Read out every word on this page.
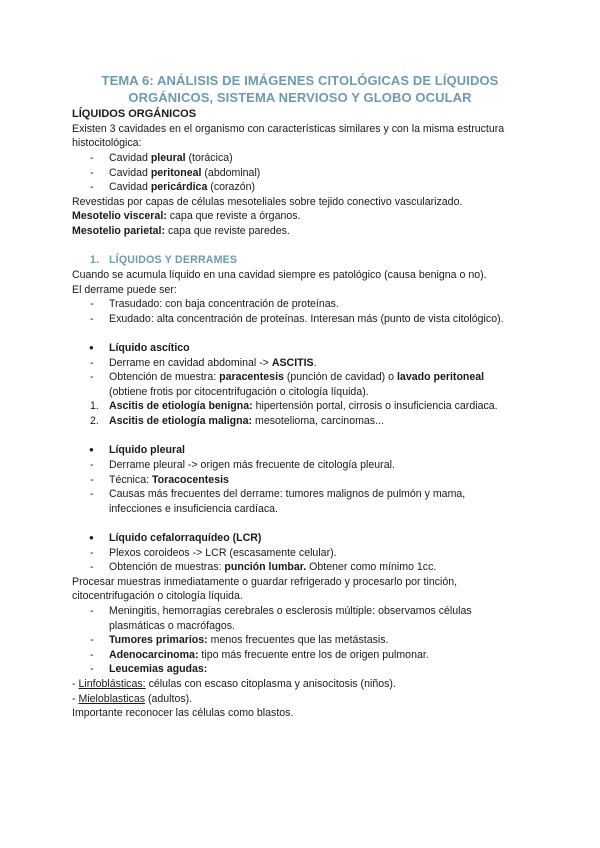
TEMA 6: ANÁLISIS DE IMÁGENES CITOLÓGICAS DE LÍQUIDOS
ORGÁNICOS, SISTEMA NERVIOSO Y GLOBO OCULAR
LÍQUIDOS ORGÁNICOS
Existen 3 cavidades en el organismo con características similares y con la misma estructura
histocitológica:
- Cavidad pleural (torácica)
- Cavidad peritoneal (abdominal)
- Cavidad pericárdica (corazón)
Revestidas por capas de células mesoteliales sobre tejido conectivo vascularizado.
Mesotelio visceral: capa que reviste a órganos.
Mesotelio parietal: capa que reviste paredes.
1. LÍQUIDOS Y DERRAMES
Cuando se acumula líquido en una cavidad siempre es patológico (causa benigna o no).
El derrame puede ser:
- Trasudado: con baja concentración de proteínas.
- Exudado: alta concentración de proteínas. Interesan más (punto de vista citológico).
● Líquido ascítico
- Derrame en cavidad abdominal -> ASCITIS.
- Obtención de muestra: paracentesis (punción de cavidad) o lavado peritoneal
(obtiene frotis por citocentrifugación o citología líquida).
1. Ascitis de etiología benigna: hipertensión portal, cirrosis o insuficiencia cardiaca.
2. Ascitis de etiología maligna: mesotelioma, carcinomas...
● Líquido pleural
- Derrame pleural -> origen más frecuente de citología pleural.
- Técnica: Toracocentesis
- Causas más frecuentes del derrame: tumores malignos de pulmón y mama,
infecciones e insuficiencia cardíaca.
● Líquido cefalorraquídeo (LCR)
- Plexos coroideos -> LCR (escasamente celular).
- Obtención de muestras: punción lumbar. Obtener como mínimo 1cc.
Procesar muestras inmediatamente o guardar refrigerado y procesarlo por tinción,
citocentrifugación o citología líquida.
- Meningitis, hemorragias cerebrales o esclerosis múltiple: observamos células
plasmáticas o macrófagos.
- Tumores primarios: menos frecuentes que las metástasis.
- Adenocarcinoma: tipo más frecuente entre los de origen pulmonar.
- Leucemias agudas:
- Linfoblásticas: células con escaso citoplasma y anisocitosis (niños).
- Mieloblasticas (adultos).
Importante reconocer las células como blastos.
